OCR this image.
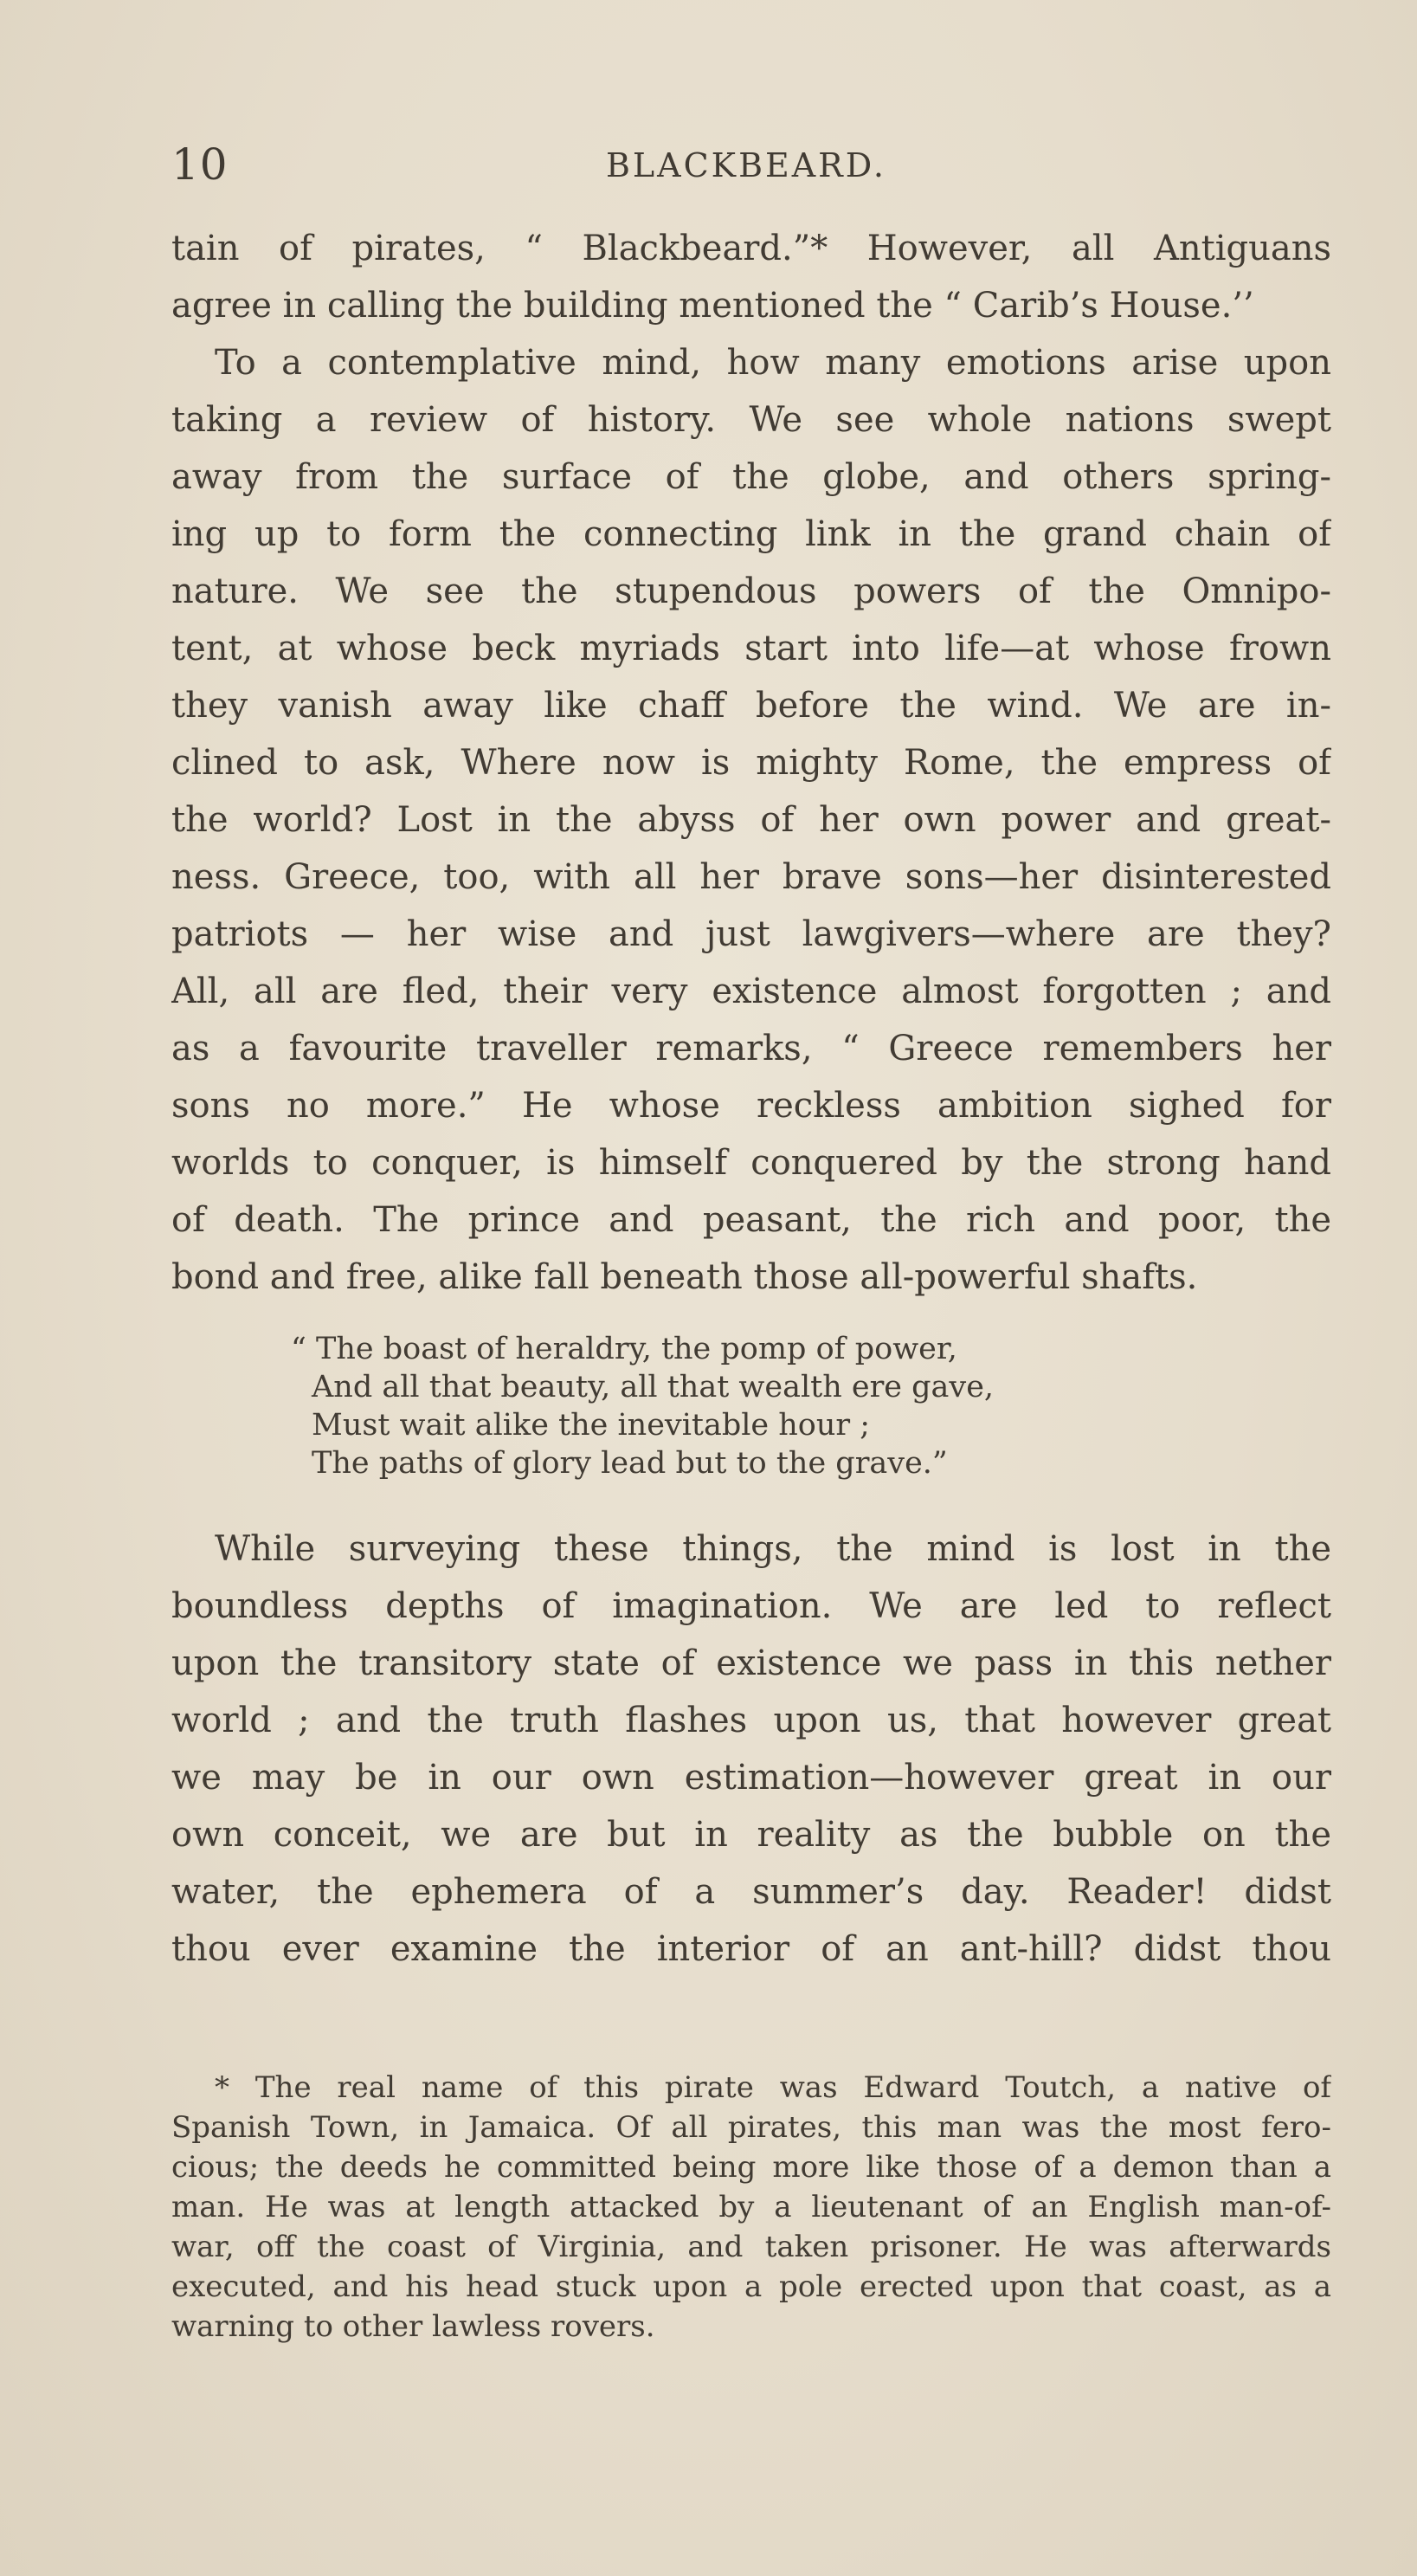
10	BLACKBEARD.
tain of pirates, “ Blackbeard.”* However, all Antiguans
agree in calling the building mentioned the “ Carib’s House.’’
To a contemplative mind, how many emotions arise upon
taking a review of history. We see whole nations swept
away from the surface of the globe, and others spring-
ing up to form the connecting link in the grand chain of
nature. We see the stupendous powers of the Omnipo-
tent, at whose beck myriads start into life—at whose frown
they vanish away like chaff before the wind. We are in-
clined to ask, Where now is mighty Rome, the empress of
the world? Lost in the abyss of her own power and great-
ness. Greece, too, with all her brave sons—her disinterested
patriots — her wise and just lawgivers—where are they?
All, all are fled, their very existence almost forgotten ; and
as a favourite traveller remarks, “ Greece remembers her
sons no more.” He whose reckless ambition sighed for
worlds to conquer, is himself conquered by the strong hand
of death. The prince and peasant, the rich and poor, the
bond and free, alike fall beneath those all-powerful shafts.
“ The boast of heraldry, the pomp of power,
And all that beauty, all that wealth ere gave,
Must wait alike the inevitable hour ;
The paths of glory lead but to the grave.”
While surveying these things, the mind is lost in the
boundless depths of imagination. We are led to reflect
upon the transitory state of existence we pass in this nether
world ; and the truth flashes upon us, that however great
we may be in our own estimation—however great in our
own conceit, we are but in reality as the bubble on the
water, the ephemera of a summer’s day. Reader! didst
thou ever examine the interior of an ant-hill? didst thou
* The real name of this pirate was Edward Toutch, a native of
Spanish Town, in Jamaica. Of all pirates, this man was the most fero-
cious; the deeds he committed being more like those of a demon than a
man. He was at length attacked by a lieutenant of an English man-of-
war, off the coast of Virginia, and taken prisoner. He was afterwards
executed, and his head stuck upon a pole erected upon that coast, as a
warning to other lawless rovers.
